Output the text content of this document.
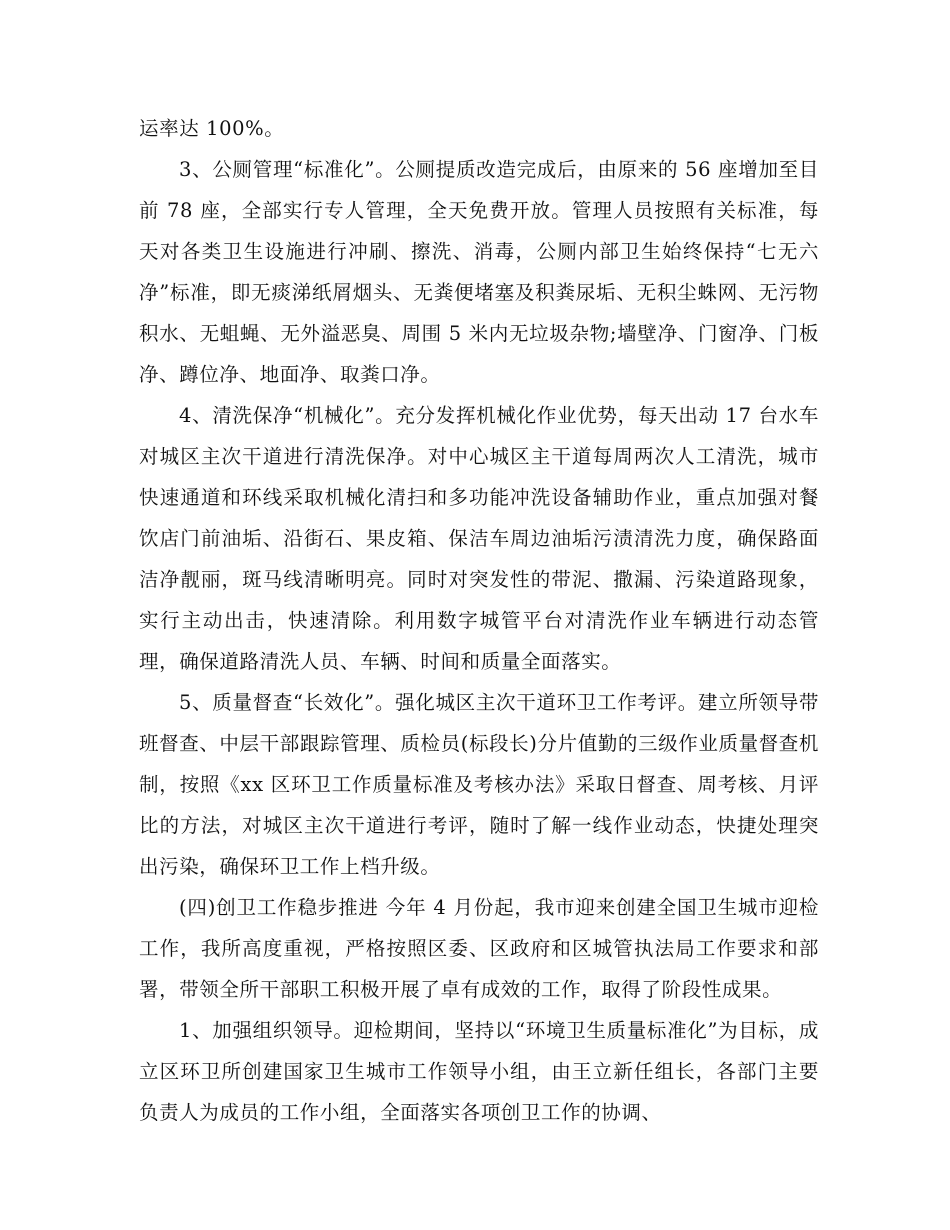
运率达 100%。

3、公厕管理“标准化”。公厕提质改造完成后，由原来的 56 座增加至目前 78 座，全部实行专人管理，全天免费开放。管理人员按照有关标准，每天对各类卫生设施进行冲刷、擦洗、消毒，公厕内部卫生始终保持“七无六净”标准，即无痰涕纸屑烟头、无粪便堵塞及积粪尿垢、无积尘蛛网、无污物积水、无蛆蝇、无外溢恶臭、周围 5 米内无垃圾杂物;墙壁净、门窗净、门板净、蹲位净、地面净、取粪口净。

4、清洗保净“机械化”。充分发挥机械化作业优势，每天出动 17 台水车对城区主次干道进行清洗保净。对中心城区主干道每周两次人工清洗，城市快速通道和环线采取机械化清扫和多功能冲洗设备辅助作业，重点加强对餐饮店门前油垢、沿街石、果皮箱、保洁车周边油垢污渍清洗力度，确保路面洁净靓丽，斑马线清晰明亮。同时对突发性的带泥、撒漏、污染道路现象，实行主动出击，快速清除。利用数字城管平台对清洗作业车辆进行动态管理，确保道路清洗人员、车辆、时间和质量全面落实。

5、质量督查“长效化”。强化城区主次干道环卫工作考评。建立所领导带班督查、中层干部跟踪管理、质检员(标段长)分片值勤的三级作业质量督查机制，按照《xx 区环卫工作质量标准及考核办法》采取日督查、周考核、月评比的方法，对城区主次干道进行考评，随时了解一线作业动态，快捷处理突出污染，确保环卫工作上档升级。

(四)创卫工作稳步推进 今年 4 月份起，我市迎来创建全国卫生城市迎检工作，我所高度重视，严格按照区委、区政府和区城管执法局工作要求和部署，带领全所干部职工积极开展了卓有成效的工作，取得了阶段性成果。

1、加强组织领导。迎检期间，坚持以“环境卫生质量标准化”为目标，成立区环卫所创建国家卫生城市工作领导小组，由王立新任组长，各部门主要负责人为成员的工作小组，全面落实各项创卫工作的协调、
